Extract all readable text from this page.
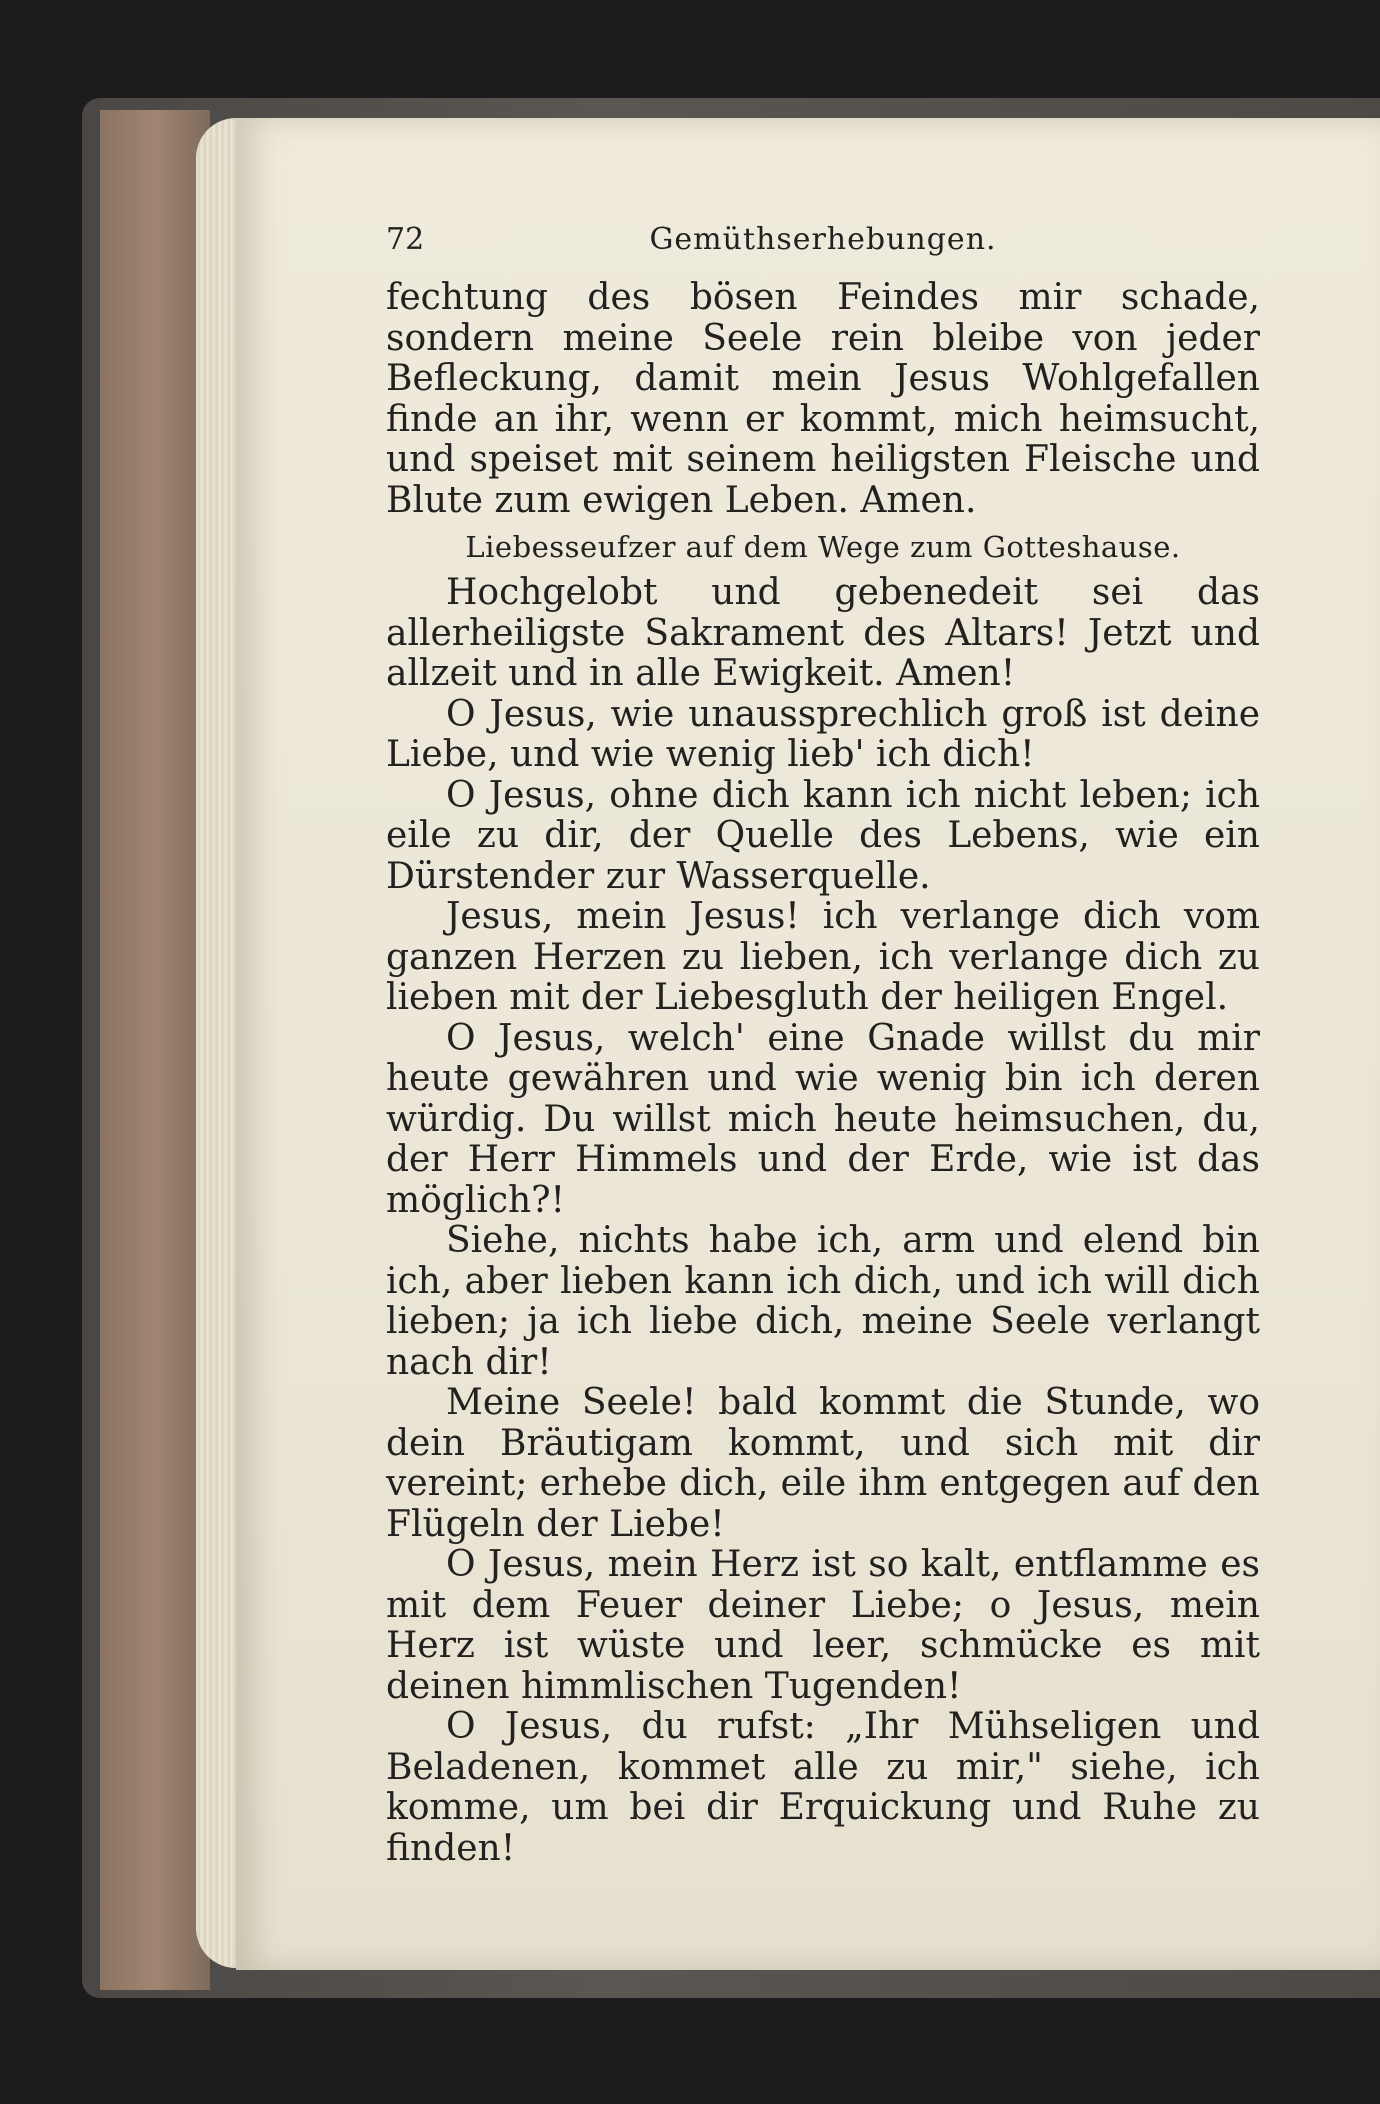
72	Gemüthserhebungen.

fechtung des bösen Feindes mir schade, sondern meine Seele rein bleibe von jeder Befleckung, damit mein Jesus Wohlgefallen finde an ihr, wenn er kommt, mich heimsucht, und speiset mit seinem heiligsten Fleische und Blute zum ewigen Leben. Amen.

Liebesseufzer auf dem Wege zum Gotteshause.

Hochgelobt und gebenedeit sei das allerheiligste Sakrament des Altars! Jetzt und allzeit und in alle Ewigkeit. Amen!

O Jesus, wie unaussprechlich groß ist deine Liebe, und wie wenig lieb' ich dich!

O Jesus, ohne dich kann ich nicht leben; ich eile zu dir, der Quelle des Lebens, wie ein Dürstender zur Wasserquelle.

Jesus, mein Jesus! ich verlange dich vom ganzen Herzen zu lieben, ich verlange dich zu lieben mit der Liebesgluth der heiligen Engel.

O Jesus, welch' eine Gnade willst du mir heute gewähren und wie wenig bin ich deren würdig. Du willst mich heute heimsuchen, du, der Herr Himmels und der Erde, wie ist das möglich?!

Siehe, nichts habe ich, arm und elend bin ich, aber lieben kann ich dich, und ich will dich lieben; ja ich liebe dich, meine Seele verlangt nach dir!

Meine Seele! bald kommt die Stunde, wo dein Bräutigam kommt, und sich mit dir vereint; erhebe dich, eile ihm entgegen auf den Flügeln der Liebe!

O Jesus, mein Herz ist so kalt, entflamme es mit dem Feuer deiner Liebe; o Jesus, mein Herz ist wüste und leer, schmücke es mit deinen himmlischen Tugenden!

O Jesus, du rufst: „Ihr Mühseligen und Beladenen, kommet alle zu mir," siehe, ich komme, um bei dir Erquickung und Ruhe zu finden!
